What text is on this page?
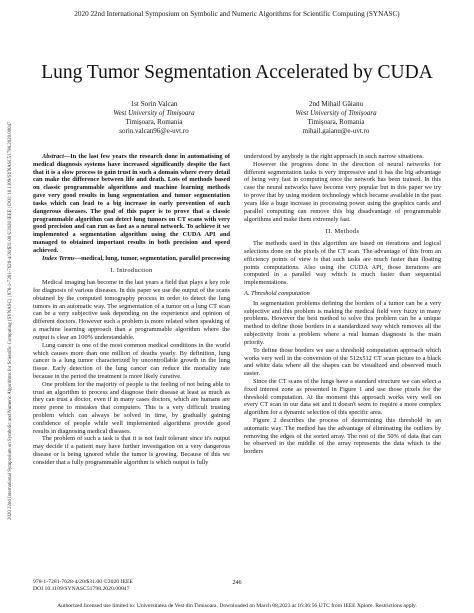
2020 22nd International Symposium on Symbolic and Numeric Algorithms for Scientific Computing (SYNASC)
2020 22nd International Symposium on Symbolic and Numeric Algorithms for Scientific Computing (SYNASC) | 978-1-7281-7628-4/20/$31.00 ©2020 IEEE | DOI: 10.1109/SYNASC51798.2020.00047
Lung Tumor Segmentation Accelerated by CUDA
1st Sorin Valcan
West University of Timişoara
Timişoara, Romania
sorin.valcan96@e-uvt.ro
2nd Mihail Găianu
West University of Timişoara
Timişoara, Romania
mihail.gaianu@e-uvt.ro

Abstract—In the last few years the research done in automatising of medical diagnosis systems have increased significantly despite the fact that it is a slow process to gain trust in such a domain where every detail can make the difference between life and death. Lots of methods based on classic programmable algorithms and machine learning methods gave very good results in lung segmentation and tumor segmentation tasks which can lead to a big increase in early prevention of such dangerous diseases. The goal of this paper is to prove that a classic programmable algorithm can detect lung tumors on CT scans with very good precision and can run as fast as a neural network. To achieve it we implemented a segmentation algorithm using the CUDA API and managed to obtained important results in both precision and speed achieved.

Index Terms—medical, lung, tumor, segmentation, parallel processing

I. Introduction

Medical imaging has become in the last years a field that plays a key role for diagnosis of various diseases. In this paper we use the output of the scans obtained by the computed tomography process in order to detect the lung tumors in an automatic way. The segmentation of a tumor on a lung CT scan can be a very subjective task depending on the experience and opinion of different doctors. However such a problem is more related when speaking of a machine learning approach than a programmable algorithm where the output is clear an 100% understandable.

Lung cancer is one of the most common medical conditions in the world which causes more than one million of deaths yearly. By definition, lung cancer is a lung tumor characterized by uncontrollable growth in the lung tissue. Early detection of the lung cancer can reduce the mortality rate because in the period the treatment is more likely curative.

One problem for the majority of people is the feeling of not being able to trust an algorithm to process and diagnose their disease at least as much as they can trust a doctor, even if in many cases doctors, which are humans are more prone to mistakes that computers. This is a very difficult trusting problem which can always be solved in time, by gradually gaining confidence of people while well implemented algorithms provide good results in diagnosing medical diseases.

The problem of such a task is that it is not fault tolerant since it's output may decide if a patient may have further investigation on a very dangerous disease or is being ignored while the tumor is growing. Because of this we consider that a fully programmable algorithm is which output is fully

understood by anybody is the right approach in such narrow situations.

However the progress done in the direction of neural networks for different segmentation tasks is very impressive and it has the big advantage of being very fast in computing once the network has been trained. In this case the neural networks have become very popular but in this paper we try to prove that by using modern technology which became available in the past years like a huge increase in processing power using the graphics cards and parallel computing can remove this big disadvantage of programmable algorithms and make them extremely fast.

II. Methods

The methods used in this algorithm are based on iterations and logical selections done on the pixels of the CT scan. The advantage of this from an efficiency points of view is that such tasks are much faster than floating points computations. Also using the CUDA API, those iterations are computed in a parallel way which is much faster than sequential implementations.

A. Threshold computation

In segmentation problems defining the borders of a tumor can be a very subjective and this problem is making the medical field very fuzzy in many problems. However the best method to solve this problem can be a unique method to define those borders in a standardized way which removes all the subjectivity from a problem where a real human diagnosis is the main priority.

To define those borders we use a threshold computation approach which works very well in the conversion of the 512x512 CT scan picture to a black and white data where all the shapes can be visualized and observed much easier.

Since the CT scans of the lungs have a standard structure we can select a fixed interest zone as presented in Figure 1 and use those pixels for the threshold computation. At the moment this approach works very well on every CT scan in our data set and it doesn't seem to require a more complex algorithm for a dynamic selection of this specific area.

Figure 2 describes the process of determining this threshold in an automatic way. The method has the advantage of eliminating the outliers by removing the edges of the sorted array. The rest of the 50% of data that can be observed in the middle of the array represents the data which is the borders

978-1-7281-7628-4/20/$31.00 ©2020 IEEE
DOI 10.1109/SYNASC51798.2020.00047
246
Authorized licensed use limited to: Universitatea de Vest din Timisoara. Downloaded on March 08,2023 at 16:36:56 UTC from IEEE Xplore. Restrictions apply.
